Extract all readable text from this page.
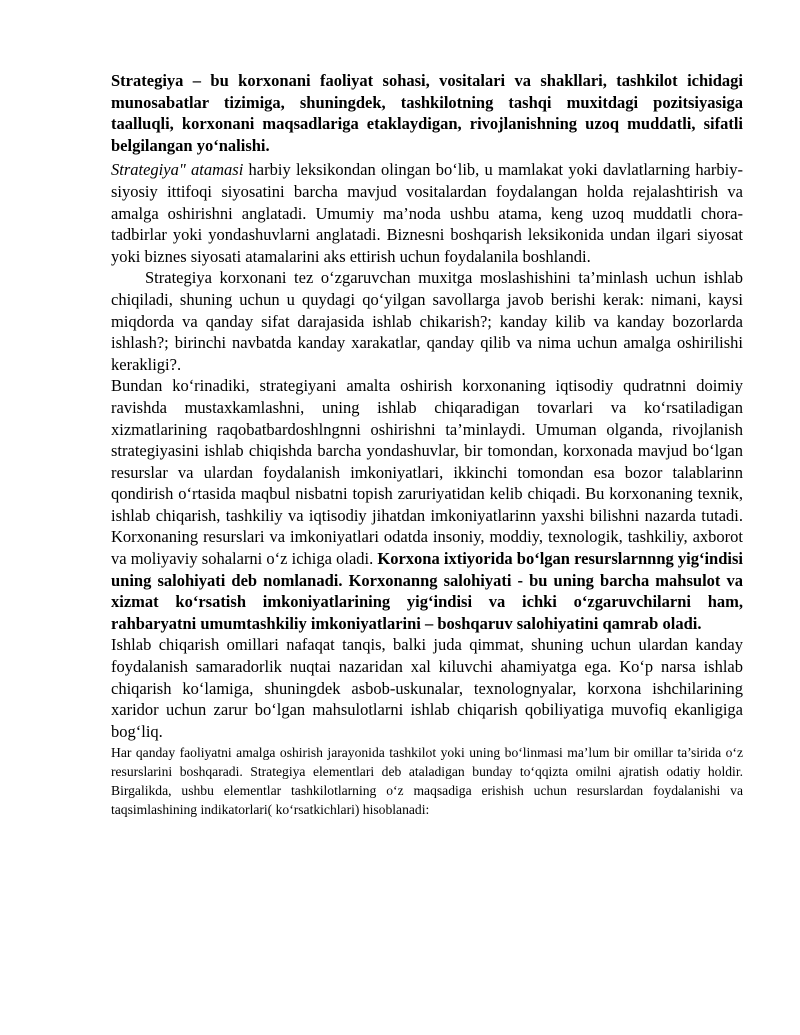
Strategiya – bu korxonani faoliyat sohasi, vositalari va shakllari, tashkilot ichidagi munosabatlar tizimiga, shuningdek, tashkilotning tashqi muxitdagi pozitsiyasiga taalluqli, korxonani maqsadlariga etaklaydigan, rivojlanishning uzoq muddatli, sifatli belgilangan yo‘nalishi.

Strategiya" atamasi harbiy leksikondan olingan bo‘lib, u mamlakat yoki davlatlarning harbiy-siyosiy ittifoqi siyosatini barcha mavjud vositalardan foydalangan holda rejalashtirish va amalga oshirishni anglatadi. Umumiy ma’noda ushbu atama, keng uzoq muddatli chora-tadbirlar yoki yondashuvlarni anglatadi. Biznesni boshqarish leksikonida undan ilgari siyosat yoki biznes siyosati atamalarini aks ettirish uchun foydalanila boshlandi.

Strategiya korxonani tez o‘zgaruvchan muxitga moslashishini ta’minlash uchun ishlab chiqiladi, shuning uchun u quydagi qo‘yilgan savollarga javob berishi kerak: nimani, kaysi miqdorda va qanday sifat darajasida ishlab chikarish?; kanday kilib va kanday bozorlarda ishlash?; birinchi navbatda kanday xarakatlar, qanday qilib va nima uchun amalga oshirilishi kerakligi?.

Bundan ko‘rinadiki, strategiyani amalta oshirish korxonaning iqtisodiy qudratnni doimiy ravishda mustaxkamlashni, uning ishlab chiqaradigan tovarlari va ko‘rsatiladigan xizmatlarining raqobatbardoshlngnni oshirishni ta’minlaydi. Umuman olganda, rivojlanish strategiyasini ishlab chiqishda barcha yondashuvlar, bir tomondan, korxonada mavjud bo‘lgan resurslar va ulardan foydalanish imkoniyatlari, ikkinchi tomondan esa bozor talablarinn qondirish o‘rtasida maqbul nisbatni topish zaruriyatidan kelib chiqadi. Bu korxonaning texnik, ishlab chiqarish, tashkiliy va iqtisodiy jihatdan imkoniyatlarinn yaxshi bilishni nazarda tutadi. Korxonaning resurslari va imkoniyatlari odatda insoniy, moddiy, texnologik, tashkiliy, axborot va moliyaviy sohalarni o‘z ichiga oladi. Korxona ixtiyorida bo‘lgan resurslarnnng yig‘indisi uning salohiyati deb nomlanadi. Korxonanng salohiyati - bu uning barcha mahsulot va xizmat ko‘rsatish imkoniyatlarining yig‘indisi va ichki o‘zgaruvchilarni ham, rahbaryatni umumtashkiliy imkoniyatlarini – boshqaruv salohiyatini qamrab oladi.

Ishlab chiqarish omillari nafaqat tanqis, balki juda qimmat, shuning uchun ulardan kanday foydalanish samaradorlik nuqtai nazaridan xal kiluvchi ahamiyatga ega. Ko‘p narsa ishlab chiqarish ko‘lamiga, shuningdek asbob-uskunalar, texnolognyalar, korxona ishchilarining xaridor uchun zarur bo‘lgan mahsulotlarni ishlab chiqarish qobiliyatiga muvofiq ekanligiga bog‘liq.

Har qanday faoliyatni amalga oshirish jarayonida tashkilot yoki uning bo‘linmasi ma’lum bir omillar ta’sirida o‘z resurslarini boshqaradi. Strategiya elementlari deb ataladigan bunday to‘qqizta omilni ajratish odatiy holdir. Birgalikda, ushbu elementlar tashkilotlarning o‘z maqsadiga erishish uchun resurslardan foydalanishi va taqsimlashining indikatorlari( ko‘rsatkichlari) hisoblanadi:
